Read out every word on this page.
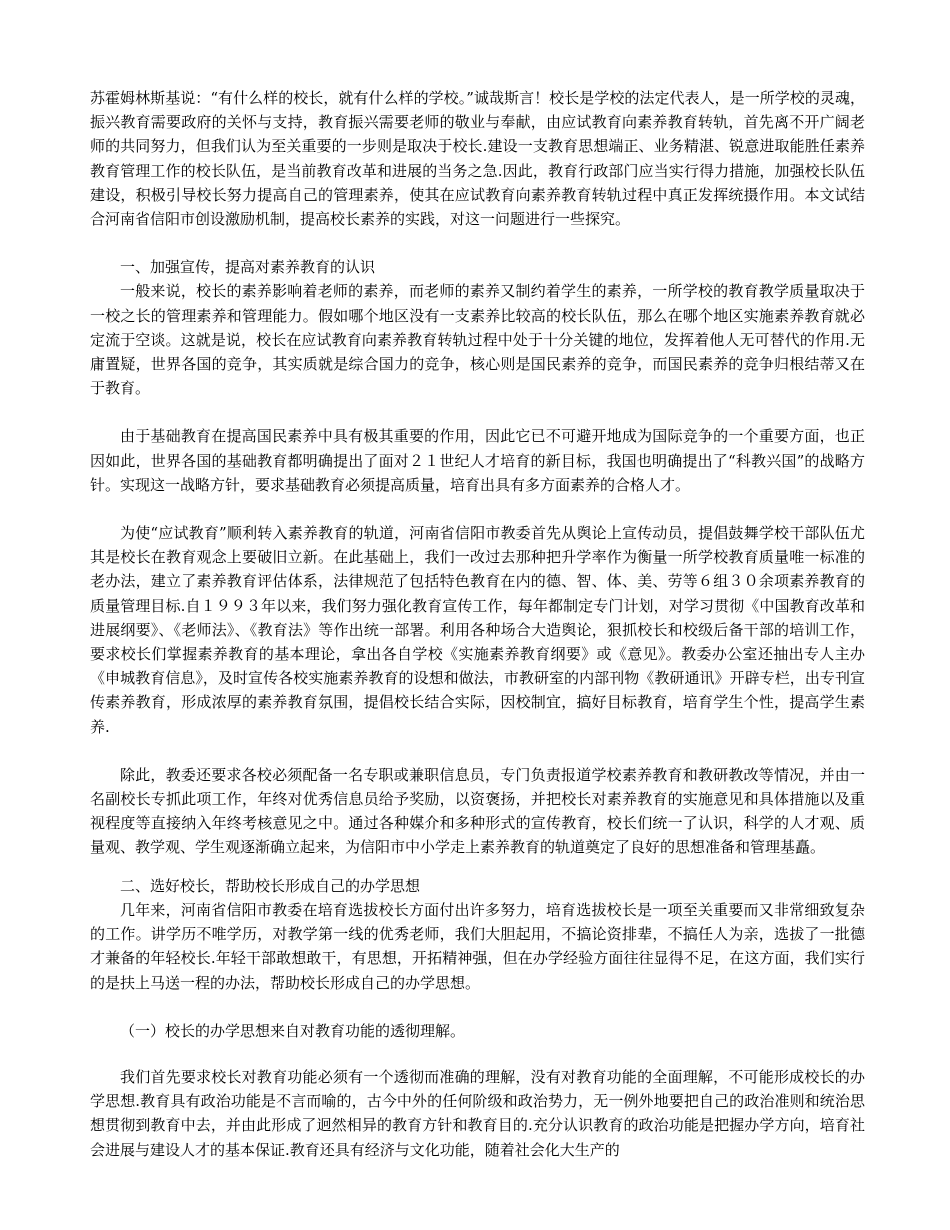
苏霍姆林斯基说：“有什么样的校长，就有什么样的学校。”诚哉斯言！校长是学校的法定代表人，是一所学校的灵魂，振兴教育需要政府的关怀与支持，教育振兴需要老师的敬业与奉献，由应试教育向素养教育转轨，首先离不开广阔老师的共同努力，但我们认为至关重要的一步则是取决于校长.建设一支教育思想端正、业务精湛、锐意进取能胜任素养教育管理工作的校长队伍，是当前教育改革和进展的当务之急.因此，教育行政部门应当实行得力措施，加强校长队伍建设，积极引导校长努力提高自己的管理素养，使其在应试教育向素养教育转轨过程中真正发挥统摄作用。本文试结合河南省信阳市创设激励机制，提高校长素养的实践，对这一问题进行一些探究。

一、加强宣传，提高对素养教育的认识

一般来说，校长的素养影响着老师的素养，而老师的素养又制约着学生的素养，一所学校的教育教学质量取决于一校之长的管理素养和管理能力。假如哪个地区没有一支素养比较高的校长队伍，那么在哪个地区实施素养教育就必定流于空谈。这就是说，校长在应试教育向素养教育转轨过程中处于十分关键的地位，发挥着他人无可替代的作用.无庸置疑，世界各国的竞争，其实质就是综合国力的竞争，核心则是国民素养的竞争，而国民素养的竞争归根结蒂又在于教育。

由于基础教育在提高国民素养中具有极其重要的作用，因此它已不可避开地成为国际竞争的一个重要方面，也正因如此，世界各国的基础教育都明确提出了面对２１世纪人才培育的新目标，我国也明确提出了“科教兴国”的战略方针。实现这一战略方针，要求基础教育必须提高质量，培育出具有多方面素养的合格人才。

为使“应试教育”顺利转入素养教育的轨道，河南省信阳市教委首先从舆论上宣传动员，提倡鼓舞学校干部队伍尤其是校长在教育观念上要破旧立新。在此基础上，我们一改过去那种把升学率作为衡量一所学校教育质量唯一标准的老办法，建立了素养教育评估体系，法律规范了包括特色教育在内的德、智、体、美、劳等６组３０余项素养教育的质量管理目标.自１９９３年以来，我们努力强化教育宣传工作，每年都制定专门计划，对学习贯彻《中国教育改革和进展纲要》、《老师法》、《教育法》等作出统一部署。利用各种场合大造舆论，狠抓校长和校级后备干部的培训工作，要求校长们掌握素养教育的基本理论，拿出各自学校《实施素养教育纲要》或《意见》。教委办公室还抽出专人主办《申城教育信息》，及时宣传各校实施素养教育的设想和做法，市教研室的内部刊物《教研通讯》开辟专栏，出专刊宣传素养教育，形成浓厚的素养教育氛围，提倡校长结合实际，因校制宜，搞好目标教育，培育学生个性，提高学生素养.

除此，教委还要求各校必须配备一名专职或兼职信息员，专门负责报道学校素养教育和教研教改等情况，并由一名副校长专抓此项工作，年终对优秀信息员给予奖励，以资褒扬，并把校长对素养教育的实施意见和具体措施以及重视程度等直接纳入年终考核意见之中。通过各种媒介和多种形式的宣传教育，校长们统一了认识，科学的人才观、质量观、教学观、学生观逐渐确立起来，为信阳市中小学走上素养教育的轨道奠定了良好的思想准备和管理基矗。

二、选好校长，帮助校长形成自己的办学思想

几年来，河南省信阳市教委在培育选拔校长方面付出许多努力，培育选拔校长是一项至关重要而又非常细致复杂的工作。讲学历不唯学历，对教学第一线的优秀老师，我们大胆起用，不搞论资排辈，不搞任人为亲，选拔了一批德才兼备的年轻校长.年轻干部敢想敢干，有思想，开拓精神强，但在办学经验方面往往显得不足，在这方面，我们实行的是扶上马送一程的办法，帮助校长形成自己的办学思想。

（一）校长的办学思想来自对教育功能的透彻理解。

我们首先要求校长对教育功能必须有一个透彻而准确的理解，没有对教育功能的全面理解，不可能形成校长的办学思想.教育具有政治功能是不言而喻的，古今中外的任何阶级和政治势力，无一例外地要把自己的政治准则和统治思想贯彻到教育中去，并由此形成了迥然相异的教育方针和教育目的.充分认识教育的政治功能是把握办学方向，培育社会进展与建设人才的基本保证.教育还具有经济与文化功能，随着社会化大生产的
